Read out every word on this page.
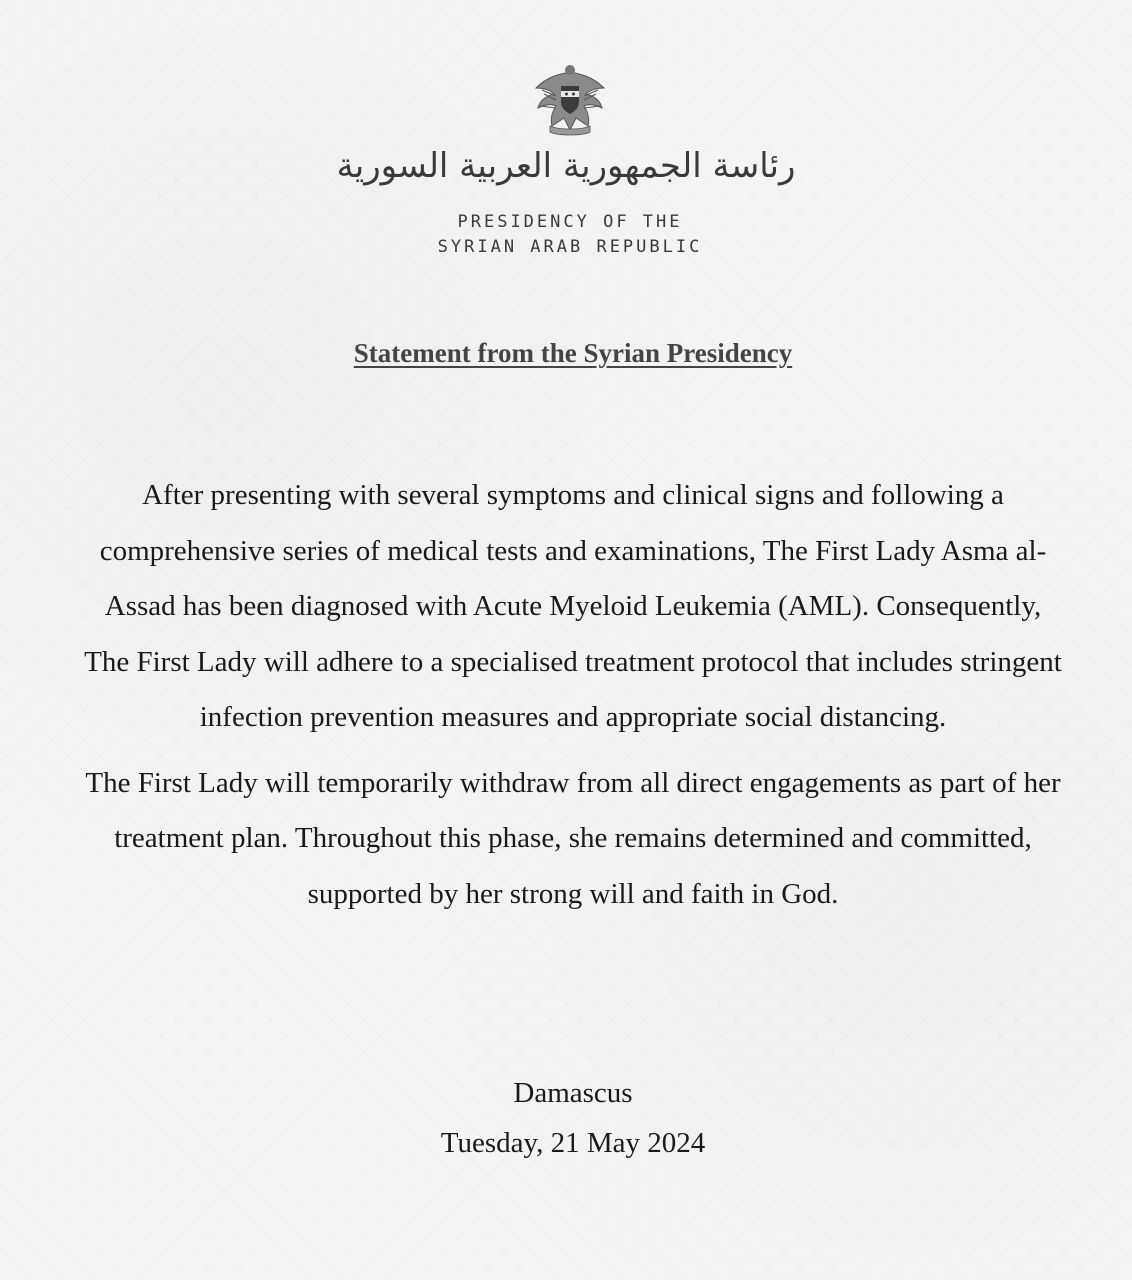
رئاسة الجمهورية العربية السورية
PRESIDENCY OF THE
SYRIAN ARAB REPUBLIC
Statement from the Syrian Presidency

After presenting with several symptoms and clinical signs and following a comprehensive series of medical tests and examinations, The First Lady Asma al-Assad has been diagnosed with Acute Myeloid Leukemia (AML). Consequently, The First Lady will adhere to a specialised treatment protocol that includes stringent infection prevention measures and appropriate social distancing.

The First Lady will temporarily withdraw from all direct engagements as part of her treatment plan. Throughout this phase, she remains determined and committed, supported by her strong will and faith in God.

Damascus
Tuesday, 21 May 2024
